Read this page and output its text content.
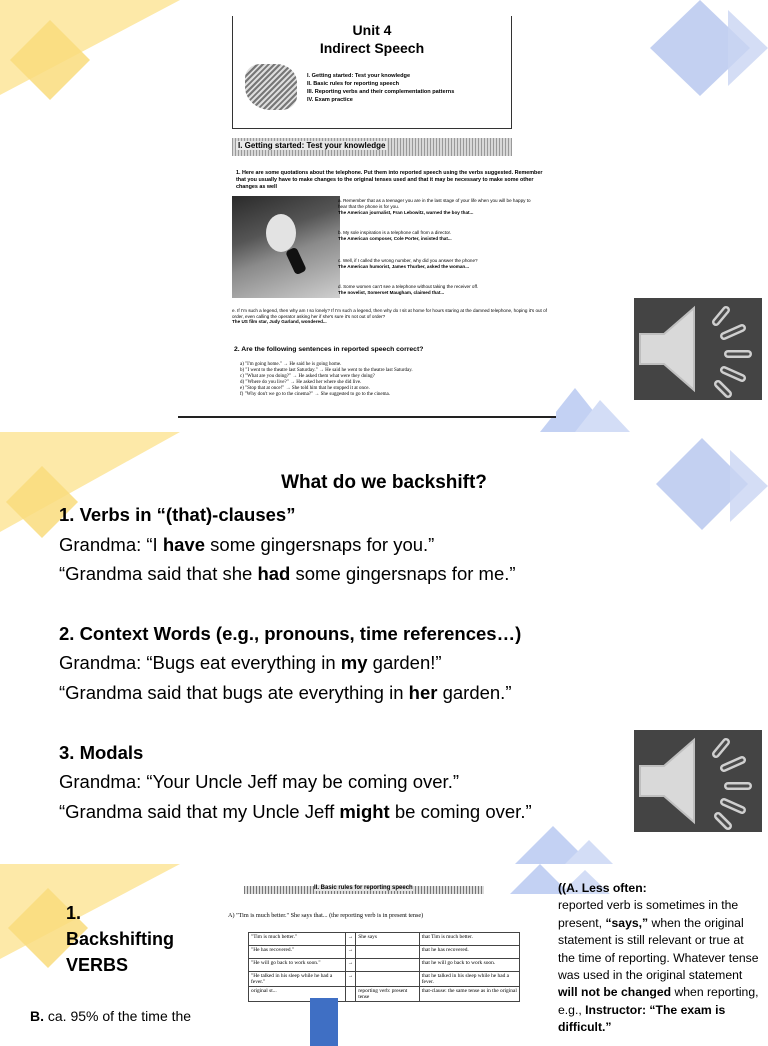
Unit 4
Indirect Speech
I. Getting started: Test your knowledge
II. Basic rules for reporting speech
III. Reporting verbs and their complementation patterns
IV. Exam practice
I. Getting started: Test your knowledge
1. Here are some quotations about the telephone. Put them into reported speech using the verbs suggested. Remember that you usually have to make changes to the original tenses used and that it may be necessary to make some other changes as well
a. Remember that as a teenager you are in the last stage of your life when you will be happy to hear that the phone is for you.
The American journalist, Fran Lebowitz, warned the boy that...
b. My sole inspiration is a telephone call from a director.
The American composer, Cole Porter, insisted that...
c. Well, if I called the wrong number, why did you answer the phone?
The American humorist, James Thurber, asked the woman...
d. Some women can't see a telephone without taking the receiver off.
The novelist, Somerset Maugham, claimed that...
e. If I'm such a legend, then why am I so lonely? If I'm such a legend, then why do I sit at home for hours staring at the damned telephone, hoping it's out of order, even calling the operator asking her if she's sure it's not out of order?
The US film star, Judy Garland, wondered...
2. Are the following sentences in reported speech correct?
a) "I'm going home." → He said he is going home.
b) "I went to the theatre last Saturday." → He said he went to the theatre last Saturday.
c) "What are you doing?" → He asked them what were they doing?
d) "Where do you live?" → He asked her where she did live.
e) "Stop that at once!" → She told him that he stopped it at once.
f) "Why don't we go to the cinema?" → She suggested to go to the cinema.
What do we backshift?
1. Verbs in “(that)-clauses”
Grandma: “I have some gingersnaps for you.”
“Grandma said that she had some gingersnaps for me.”
2. Context Words (e.g., pronouns, time references…)
Grandma: “Bugs eat everything in my garden!”
“Grandma said that bugs ate everything in her garden.”
3. Modals
Grandma: “Your Uncle Jeff may be coming over.”
“Grandma said that my Uncle Jeff might be coming over.”
1.
Backshifting
VERBS
B. ca. 95% of the time the
II. Basic rules for reporting speech
A) "Tim is much better." She says that... (the reporting verb is in present tense)
"Tim is much better."	→	She says	that Tim is much better.
"He has recovered."	→		that he has recovered.
"He will go back to work soon."	→		that he will go back to work soon.
"He talked in his sleep while he had a fever."	→		that he talked in his sleep while he had a fever.
original st...		reporting verb: present tense	that-clause: the same tense as in the original
((A. Less often:
reported verb is sometimes in the present, “says,” when the original statement is still relevant or true at the time of reporting. Whatever tense was used in the original statement will not be changed when reporting, e.g., Instructor: “The exam is difficult.”
